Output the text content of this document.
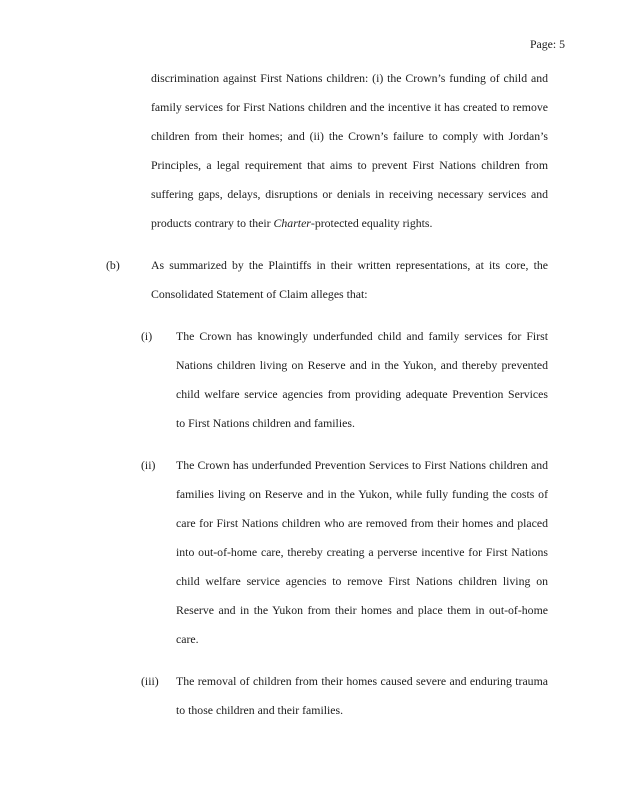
Page: 5
discrimination against First Nations children: (i) the Crown’s funding of child and
family services for First Nations children and the incentive it has created to remove
children from their homes; and (ii) the Crown’s failure to comply with Jordan’s
Principles, a legal requirement that aims to prevent First Nations children from
suffering gaps, delays, disruptions or denials in receiving necessary services and
products contrary to their Charter-protected equality rights.
(b)	As summarized by the Plaintiffs in their written representations, at its core, the
Consolidated Statement of Claim alleges that:
(i) The Crown has knowingly underfunded child and family services for First
Nations children living on Reserve and in the Yukon, and thereby prevented
child welfare service agencies from providing adequate Prevention Services
to First Nations children and families.
(ii) The Crown has underfunded Prevention Services to First Nations children and
families living on Reserve and in the Yukon, while fully funding the costs of
care for First Nations children who are removed from their homes and placed
into out-of-home care, thereby creating a perverse incentive for First Nations
child welfare service agencies to remove First Nations children living on
Reserve and in the Yukon from their homes and place them in out-of-home
care.
(iii) The removal of children from their homes caused severe and enduring trauma
to those children and their families.
